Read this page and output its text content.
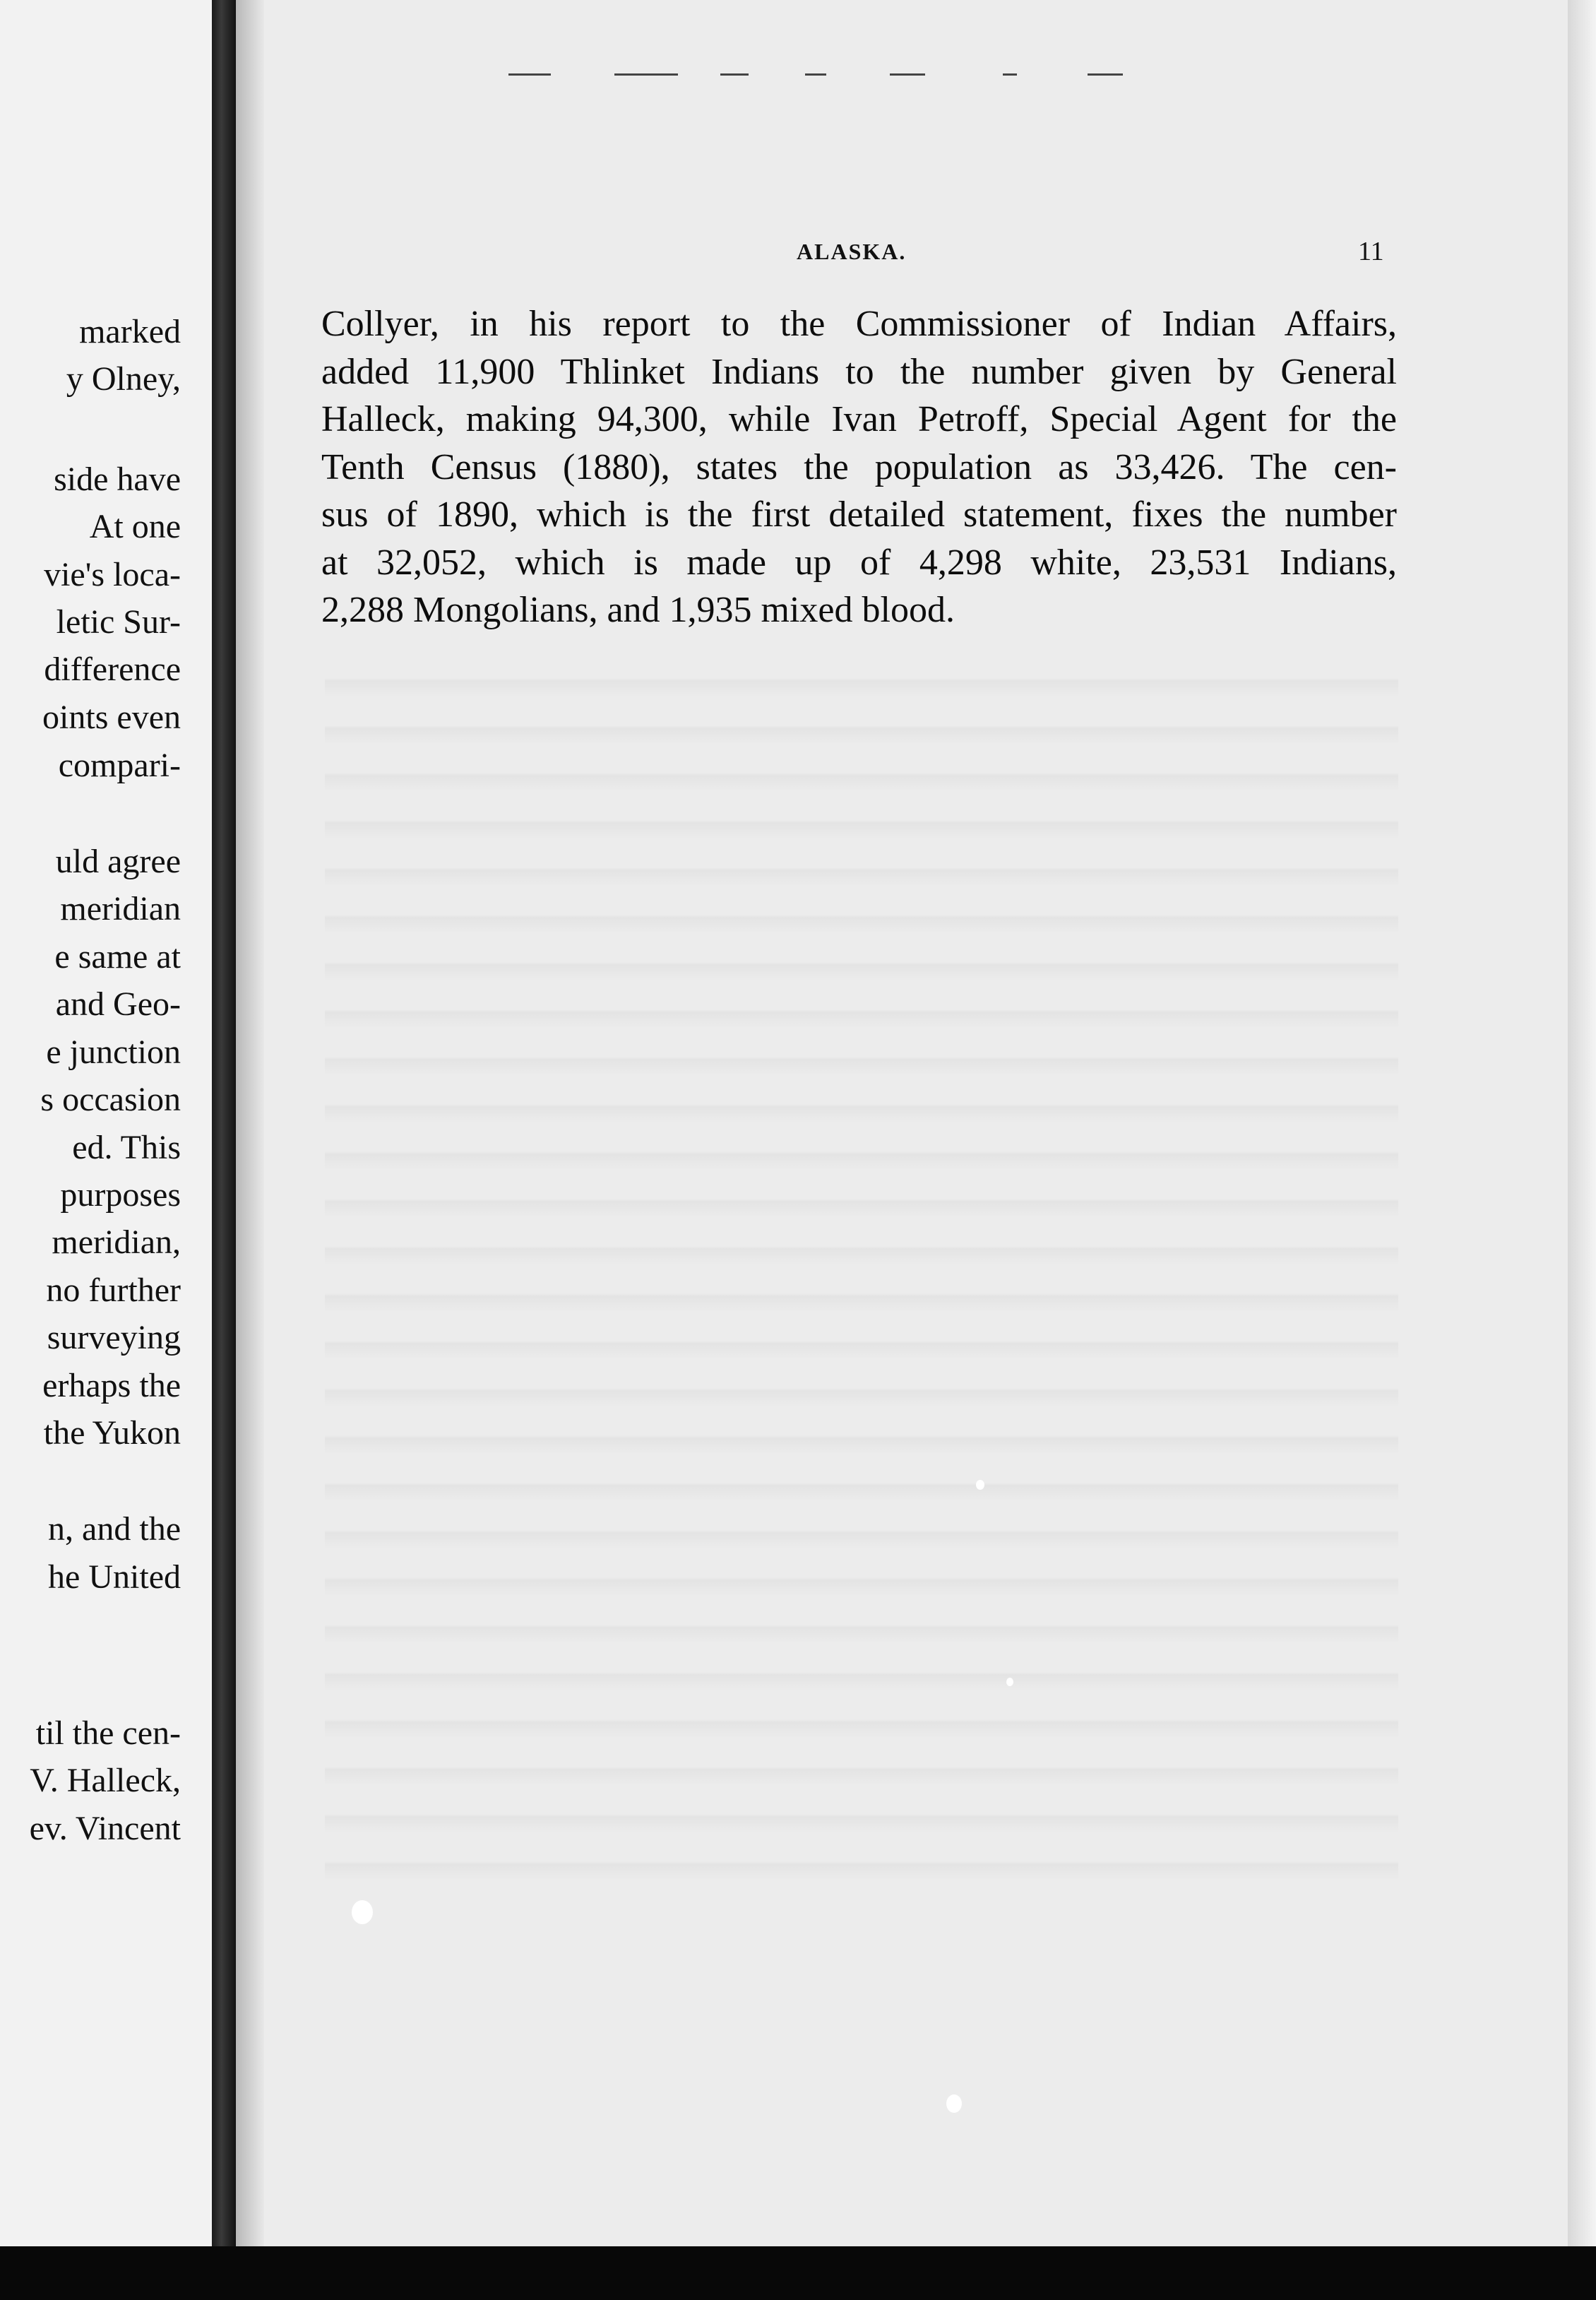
marked
y Olney,
side have
At one
vie's loca-
letic Sur-
difference
oints even
compari-
uld agree
meridian
e same at
and Geo-
e junction
s occasion
ed. This
purposes
meridian,
no further
surveying
erhaps the
the Yukon
n, and the
he United
til the cen-
V. Halleck,
ev. Vincent
ALASKA.	11
Collyer, in his report to the Commissioner of Indian Affairs,
added 11,900 Thlinket Indians to the number given by General
Halleck, making 94,300, while Ivan Petroff, Special Agent for the
Tenth Census (1880), states the population as 33,426. The cen-
sus of 1890, which is the first detailed statement, fixes the number
at 32,052, which is made up of 4,298 white, 23,531 Indians,
2,288 Mongolians, and 1,935 mixed blood.
